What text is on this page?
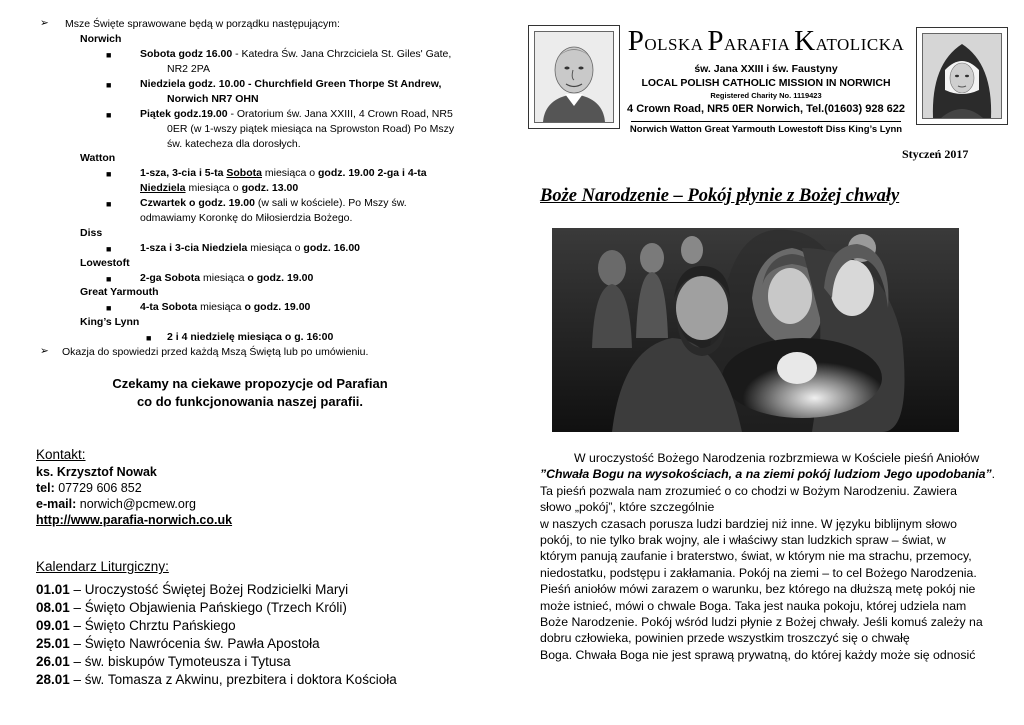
➢ Msze Święte sprawowane będą w porządku następującym:
Norwich
■	Sobota godz 16.00 - Katedra Św. Jana Chrzciciela St. Giles' Gate,
NR2 2PA
■	Niedziela godz. 10.00 - Churchfield Green Thorpe St Andrew,
Norwich NR7 OHN
■	Piątek godz.19.00 - Oratorium św. Jana XXIII, 4 Crown Road, NR5
0ER (w 1-wszy piątek miesiąca na Sprowston Road) Po Mszy
św. katecheza dla dorosłych.
Watton
■	1-sza, 3-cia i 5-ta Sobota miesiąca o godz. 19.00 2-ga i 4-ta
Niedziela miesiąca o godz. 13.00
■	Czwartek o godz. 19.00 (w sali w kościele). Po Mszy św.
odmawiamy Koronkę do Miłosierdzia Bożego.
Diss
■	1-sza i 3-cia Niedziela miesiąca o godz. 16.00
Lowestoft
■	2-ga Sobota miesiąca o godz. 19.00
Great Yarmouth
■	4-ta Sobota miesiąca o godz. 19.00
King’s Lynn
■ 2 i 4 niedzielę miesiąca o g. 16:00
➢ Okazja do spowiedzi przed każdą Mszą Świętą lub po umówieniu.
Czekamy na ciekawe propozycje od Parafian
co do funkcjonowania naszej parafii.
Kontakt:
ks. Krzysztof Nowak
tel: 07729 606 852
e-mail: norwich@pcmew.org
http://www.parafia-norwich.co.uk
Kalendarz Liturgiczny:
01.01 – Uroczystość Świętej Bożej Rodzicielki Maryi
08.01 – Święto Objawienia Pańskiego (Trzech Króli)
09.01 – Święto Chrztu Pańskiego
25.01 – Święto Nawrócenia św. Pawła Apostoła
26.01 – św. biskupów Tymoteusza i Tytusa
28.01 – św. Tomasza z Akwinu, prezbitera i doktora Kościoła
POLSKA PARAFIA KATOLICKA
św. Jana XXIII i św. Faustyny
LOCAL POLISH CATHOLIC MISSION IN NORWICH
Registered Charity No. 1119423
4 Crown Road, NR5 0ER Norwich, Tel.(01603) 928 622
Norwich Watton Great Yarmouth Lowestoft Diss King’s Lynn
Styczeń 2017
Boże Narodzenie – Pokój płynie z Bożej chwały
W uroczystość Bożego Narodzenia rozbrzmiewa w Kościele pieśń Aniołów
”Chwała Bogu na wysokościach, a na ziemi pokój ludziom Jego upodobania”.
Ta pieśń pozwala nam zrozumieć o co chodzi w Bożym Narodzeniu. Zawiera
słowo „pokój”, które szczególnie
w naszych czasach porusza ludzi bardziej niż inne. W języku biblijnym słowo
pokój, to nie tylko brak wojny, ale i właściwy stan ludzkich spraw – świat, w
którym panują zaufanie i braterstwo, świat, w którym nie ma strachu, przemocy,
niedostatku, podstępu i zakłamania. Pokój na ziemi – to cel Bożego Narodzenia.
Pieśń aniołów mówi zarazem o warunku, bez którego na dłuższą metę pokój nie
może istnieć, mówi o chwale Boga. Taka jest nauka pokoju, której udziela nam
Boże Narodzenie. Pokój wśród ludzi płynie z Bożej chwały. Jeśli komuś zależy na
dobru człowieka, powinien przede wszystkim troszczyć się o chwałę
Boga. Chwała Boga nie jest sprawą prywatną, do której każdy może się odnosić
